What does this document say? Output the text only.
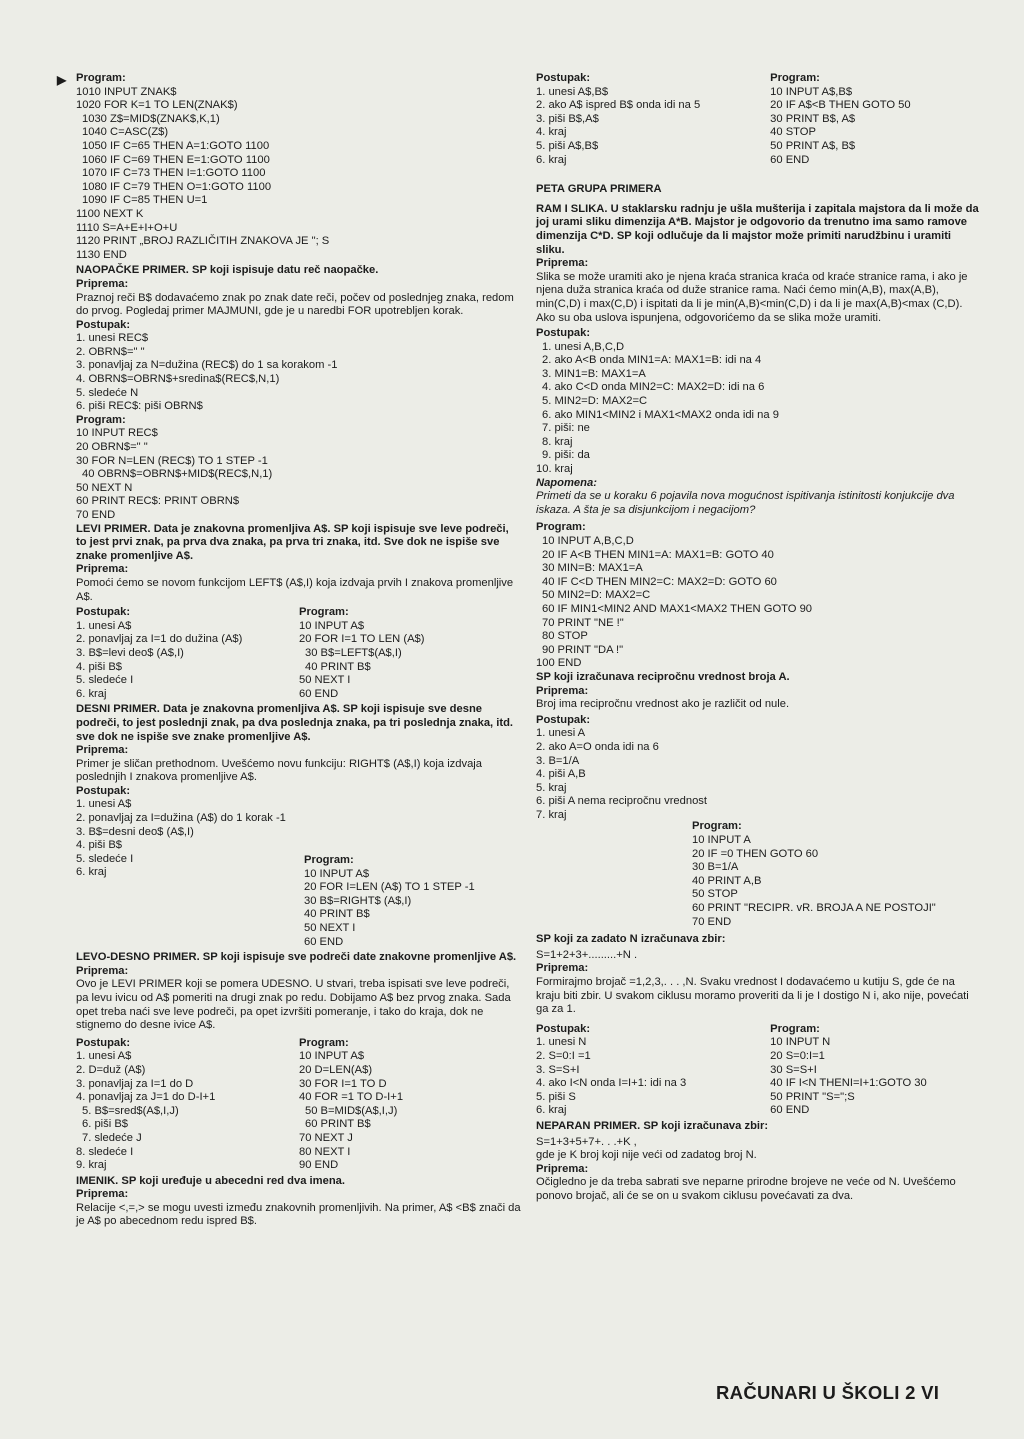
▶ Program:
1010 INPUT ZNAK$
1020 FOR K=1 TO LEN(ZNAK$)
1030 Z$=MID$(ZNAK$,K,1)
1040 C=ASC(Z$)
1050 IF C=65 THEN A=1:GOTO 1100
1060 IF C=69 THEN E=1:GOTO 1100
1070 IF C=73 THEN I=1:GOTO 1100
1080 IF C=79 THEN O=1:GOTO 1100
1090 IF C=85 THEN U=1
1100 NEXT K
1110 S=A+E+I+O+U
1120 PRINT „BROJ RAZLIČITIH ZNAKOVA JE "; S
1130 END
NAOPAČKE PRIMER. SP koji ispisuje datu reč naopačke.
Priprema:
Praznoj reči B$ dodavaćemo znak po znak date reči, počev od poslednjeg znaka, redom do prvog. Pogledaj primer MAJMUNI, gde je u naredbi FOR upotrebljen korak.
Postupak:
1. unesi REC$
2. OBRN$=" "
3. ponavljaj za N=dužina (REC$) do 1 sa korakom -1
4. OBRN$=OBRN$+sredina$(REC$,N,1)
5. sledeće N
6. piši REC$: piši OBRN$
Program:
10 INPUT REC$
20 OBRN$=" "
30 FOR N=LEN (REC$) TO 1 STEP -1
40 OBRN$=OBRN$+MID$(REC$,N,1)
50 NEXT N
60 PRINT REC$: PRINT OBRN$
70 END
LEVI PRIMER. Data je znakovna promenljiva A$. SP koji ispisuje sve leve podreči, to jest prvi znak, pa prva dva znaka, pa prva tri znaka, itd. Sve dok ne ispiše sve znake promenljive A$.
Priprema:
Pomoći ćemo se novom funkcijom LEFT$ (A$,I) koja izdvaja prvih I znakova promenljive A$.
Postupak:
1. unesi A$
2. ponavljaj za I=1 do dužina (A$)
3. B$=levi deo$ (A$,I)
4. piši B$
5. sledeće I
6. kraj
Program:
10 INPUT A$
20 FOR I=1 TO LEN (A$)
30 B$=LEFT$(A$,I)
40 PRINT B$
50 NEXT I
60 END
DESNI PRIMER. Data je znakovna promenljiva A$. SP koji ispisuje sve desne podreči, to jest poslednji znak, pa dva poslednja znaka, pa tri poslednja znaka, itd. sve dok ne ispiše sve znake promenljive A$.
Priprema:
Primer je sličan prethodnom. Uvešćemo novu funkciju: RIGHT$ (A$,I) koja izdvaja poslednjih I znakova promenljive A$.
Postupak:
1. unesi A$
2. ponavljaj za I=dužina (A$) do 1 korak -1
3. B$=desni deo$ (A$,I)
4. piši B$
5. sledeće I
6. kraj
Program:
10 INPUT A$
20 FOR I=LEN (A$) TO 1 STEP -1
30 B$=RIGHT$ (A$,I)
40 PRINT B$
50 NEXT I
60 END
LEVO-DESNO PRIMER. SP koji ispisuje sve podreči date znakovne promenljive A$.
Priprema:
Ovo je LEVI PRIMER koji se pomera UDESNO. U stvari, treba ispisati sve leve podreči, pa levu ivicu od A$ pomeriti na drugi znak po redu. Dobijamo A$ bez prvog znaka. Sada opet treba naći sve leve podreči, pa opet izvršiti pomeranje, i tako do kraja, dok ne stignemo do desne ivice A$.
Postupak:
1. unesi A$
2. D=duž (A$)
3. ponavljaj za I=1 do D
4. ponavljaj za J=1 do D-I+1
5. B$=sred$(A$,I,J)
6. piši B$
7. sledeće J
8. sledeće I
9. kraj
Program:
10 INPUT A$
20 D=LEN(A$)
30 FOR I=1 TO D
40 FOR =1 TO D-I+1
50 B=MID$(A$,I,J)
60 PRINT B$
70 NEXT J
80 NEXT I
90 END
IMENIK. SP koji uređuje u abecedni red dva imena.
Priprema:
Relacije <,=,> se mogu uvesti između znakovnih promenljivih. Na primer, A$ <B$ znači da je A$ po abecednom redu ispred B$.
Postupak:
1. unesi A$,B$
2. ako A$ ispred B$ onda idi na 5
3. piši B$,A$
4. kraj
5. piši A$,B$
6. kraj
Program:
10 INPUT A$,B$
20 IF A$<B THEN GOTO 50
30 PRINT B$, A$
40 STOP
50 PRINT A$, B$
60 END
PETA GRUPA PRIMERA
RAM I SLIKA. U staklarsku radnju je ušla mušterija i zapitala majstora da li može da joj urami sliku dimenzija A*B. Majstor je odgovorio da trenutno ima samo ramove dimenzija C*D. SP koji odlučuje da li majstor može primiti narudžbinu i uramiti sliku.
Priprema:
Slika se može uramiti ako je njena kraća stranica kraća od kraće stranice rama, i ako je njena duža stranica kraća od duže stranice rama. Naći ćemo min(A,B), max(A,B), min(C,D) i max(C,D) i ispitati da li je min(A,B)<min(C,D) i da li je max(A,B)<max (C,D). Ako su oba uslova ispunjena, odgovorićemo da se slika može uramiti.
Postupak:
1. unesi A,B,C,D
2. ako A<B onda MIN1=A: MAX1=B: idi na 4
3. MIN1=B: MAX1=A
4. ako C<D onda MIN2=C: MAX2=D: idi na 6
5. MIN2=D: MAX2=C
6. ako MIN1<MIN2 i MAX1<MAX2 onda idi na 9
7. piši: ne
8. kraj
9. piši: da
10. kraj
Napomena:
Primeti da se u koraku 6 pojavila nova mogućnost ispitivanja istinitosti konjukcije dva iskaza. A šta je sa disjunkcijom i negacijom?
Program:
10 INPUT A,B,C,D
20 IF A<B THEN MIN1=A: MAX1=B: GOTO 40
30 MIN=B: MAX1=A
40 IF C<D THEN MIN2=C: MAX2=D: GOTO 60
50 MIN2=D: MAX2=C
60 IF MIN1<MIN2 AND MAX1<MAX2 THEN GOTO 90
70 PRINT "NE !"
80 STOP
90 PRINT "DA !"
100 END
SP koji izračunava recipročnu vrednost broja A.
Priprema:
Broj ima recipročnu vrednost ako je različit od nule.
Postupak:
1. unesi A
2. ako A=O onda idi na 6
3. B=1/A
4. piši A,B
5. kraj
6. piši A nema recipročnu vrednost
7. kraj
Program:
10 INPUT A
20 IF =0 THEN GOTO 60
30 B=1/A
40 PRINT A,B
50 STOP
60 PRINT "RECIPR. vR. BROJA A NE POSTOJI"
70 END
SP koji za zadato N izračunava zbir:
S=1+2+3+.........+N .
Priprema:
Formirajmo brojač =1,2,3,. . . ,N. Svaku vrednost I dodavaćemo u kutiju S, gde će na kraju biti zbir. U svakom ciklusu moramo proveriti da li je I dostigo N i, ako nije, povećati ga za 1.
Postupak:
1. unesi N
2. S=0:I =1
3. S=S+I
4. ako I<N onda I=I+1: idi na 3
5. piši S
6. kraj
Program:
10 INPUT N
20 S=0:I=1
30 S=S+I
40 IF I<N THENI=I+1:GOTO 30
50 PRINT "S=";S
60 END
NEPARAN PRIMER. SP koji izračunava zbir:
S=1+3+5+7+. . .+K ,
gde je K broj koji nije veći od zadatog broj N.
Priprema:
Očigledno je da treba sabrati sve neparne prirodne brojeve ne veće od N. Uvešćemo ponovo brojač, ali će se on u svakom ciklusu povećavati za dva.
RAČUNARI U ŠKOLI 2 VI
